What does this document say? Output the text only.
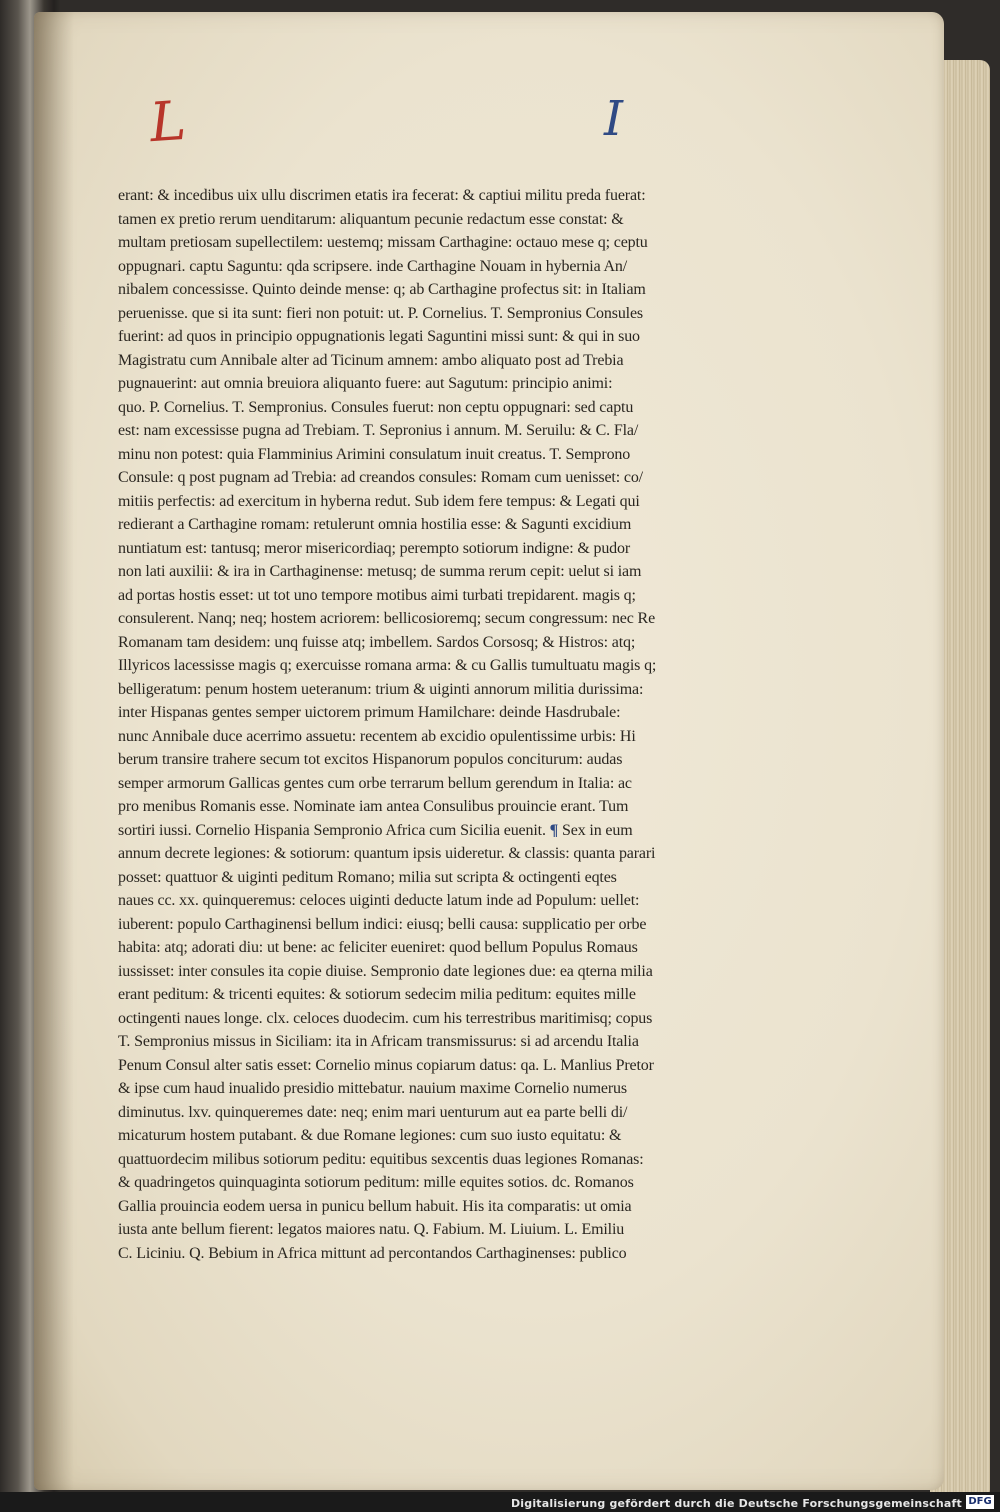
L	I
erant: & incedibus uix ullu discrimen etatis ira fecerat: & captiui militu preda fuerat:
tamen ex pretio rerum uenditarum: aliquantum pecunie redactum esse constat: &
multam pretiosam supellectilem: uestemq; missam Carthagine: octauo mese q; ceptu
oppugnari. captu Saguntu: qda scripsere. inde Carthagine Nouam in hybernia An/
nibalem concessisse. Quinto deinde mense: q; ab Carthagine profectus sit: in Italiam
peruenisse. que si ita sunt: fieri non potuit: ut. P. Cornelius. T. Sempronius Consules
fuerint: ad quos in principio oppugnationis legati Saguntini missi sunt: & qui in suo
Magistratu cum Annibale alter ad Ticinum amnem: ambo aliquato post ad Trebia
pugnauerint: aut omnia breuiora aliquanto fuere: aut Sagutum: principio animi:
quo. P. Cornelius. T. Sempronius. Consules fuerut: non ceptu oppugnari: sed captu
est: nam excessisse pugna ad Trebiam. T. Sepronius i annum. M. Seruilu: & C. Fla/
minu non potest: quia Flamminius Arimini consulatum inuit creatus. T. Semprono
Consule: q post pugnam ad Trebia: ad creandos consules: Romam cum uenisset: co/
mitiis perfectis: ad exercitum in hyberna redut. Sub idem fere tempus: & Legati qui
redierant a Carthagine romam: retulerunt omnia hostilia esse: & Sagunti excidium
nuntiatum est: tantusq; meror misericordiaq; perempto sotiorum indigne: & pudor
non lati auxilii: & ira in Carthaginense: metusq; de summa rerum cepit: uelut si iam
ad portas hostis esset: ut tot uno tempore motibus aimi turbati trepidarent. magis q;
consulerent. Nanq; neq; hostem acriorem: bellicosioremq; secum congressum: nec Re
Romanam tam desidem: unq fuisse atq; imbellem. Sardos Corsosq; & Histros: atq;
Illyricos lacessisse magis q; exercuisse romana arma: & cu Gallis tumultuatu magis q;
belligeratum: penum hostem ueteranum: trium & uiginti annorum militia durissima:
inter Hispanas gentes semper uictorem primum Hamilchare: deinde Hasdrubale:
nunc Annibale duce acerrimo assuetu: recentem ab excidio opulentissime urbis: Hi
berum transire trahere secum tot excitos Hispanorum populos conciturum: audas
semper armorum Gallicas gentes cum orbe terrarum bellum gerendum in Italia: ac
pro menibus Romanis esse. Nominate iam antea Consulibus prouincie erant. Tum
sortiri iussi. Cornelio Hispania Sempronio Africa cum Sicilia euenit. ¶ Sex in eum
annum decrete legiones: & sotiorum: quantum ipsis uideretur. & classis: quanta parari
posset: quattuor & uiginti peditum Romano; milia sut scripta & octingenti eqtes
naues cc. xx. quinqueremus: celoces uiginti deducte latum inde ad Populum: uellet:
iuberent: populo Carthaginensi bellum indici: eiusq; belli causa: supplicatio per orbe
habita: atq; adorati diu: ut bene: ac feliciter eueniret: quod bellum Populus Romaus
iussisset: inter consules ita copie diuise. Sempronio date legiones due: ea qterna milia
erant peditum: & tricenti equites: & sotiorum sedecim milia peditum: equites mille
octingenti naues longe. clx. celoces duodecim. cum his terrestribus maritimisq; copus
T. Sempronius missus in Siciliam: ita in Africam transmissurus: si ad arcendu Italia
Penum Consul alter satis esset: Cornelio minus copiarum datus: qa. L. Manlius Pretor
& ipse cum haud inualido presidio mittebatur. nauium maxime Cornelio numerus
diminutus. lxv. quinqueremes date: neq; enim mari uenturum aut ea parte belli di/
micaturum hostem putabant. & due Romane legiones: cum suo iusto equitatu: &
quattuordecim milibus sotiorum peditu: equitibus sexcentis duas legiones Romanas:
& quadringetos quinquaginta sotiorum peditum: mille equites sotios. dc. Romanos
Gallia prouincia eodem uersa in punicu bellum habuit. His ita comparatis: ut omia
iusta ante bellum fierent: legatos maiores natu. Q. Fabium. M. Liuium. L. Emiliu
C. Liciniu. Q. Bebium in Africa mittunt ad percontandos Carthaginenses: publico
Digitalisierung gefördert durch die Deutsche Forschungsgemeinschaft DFG
